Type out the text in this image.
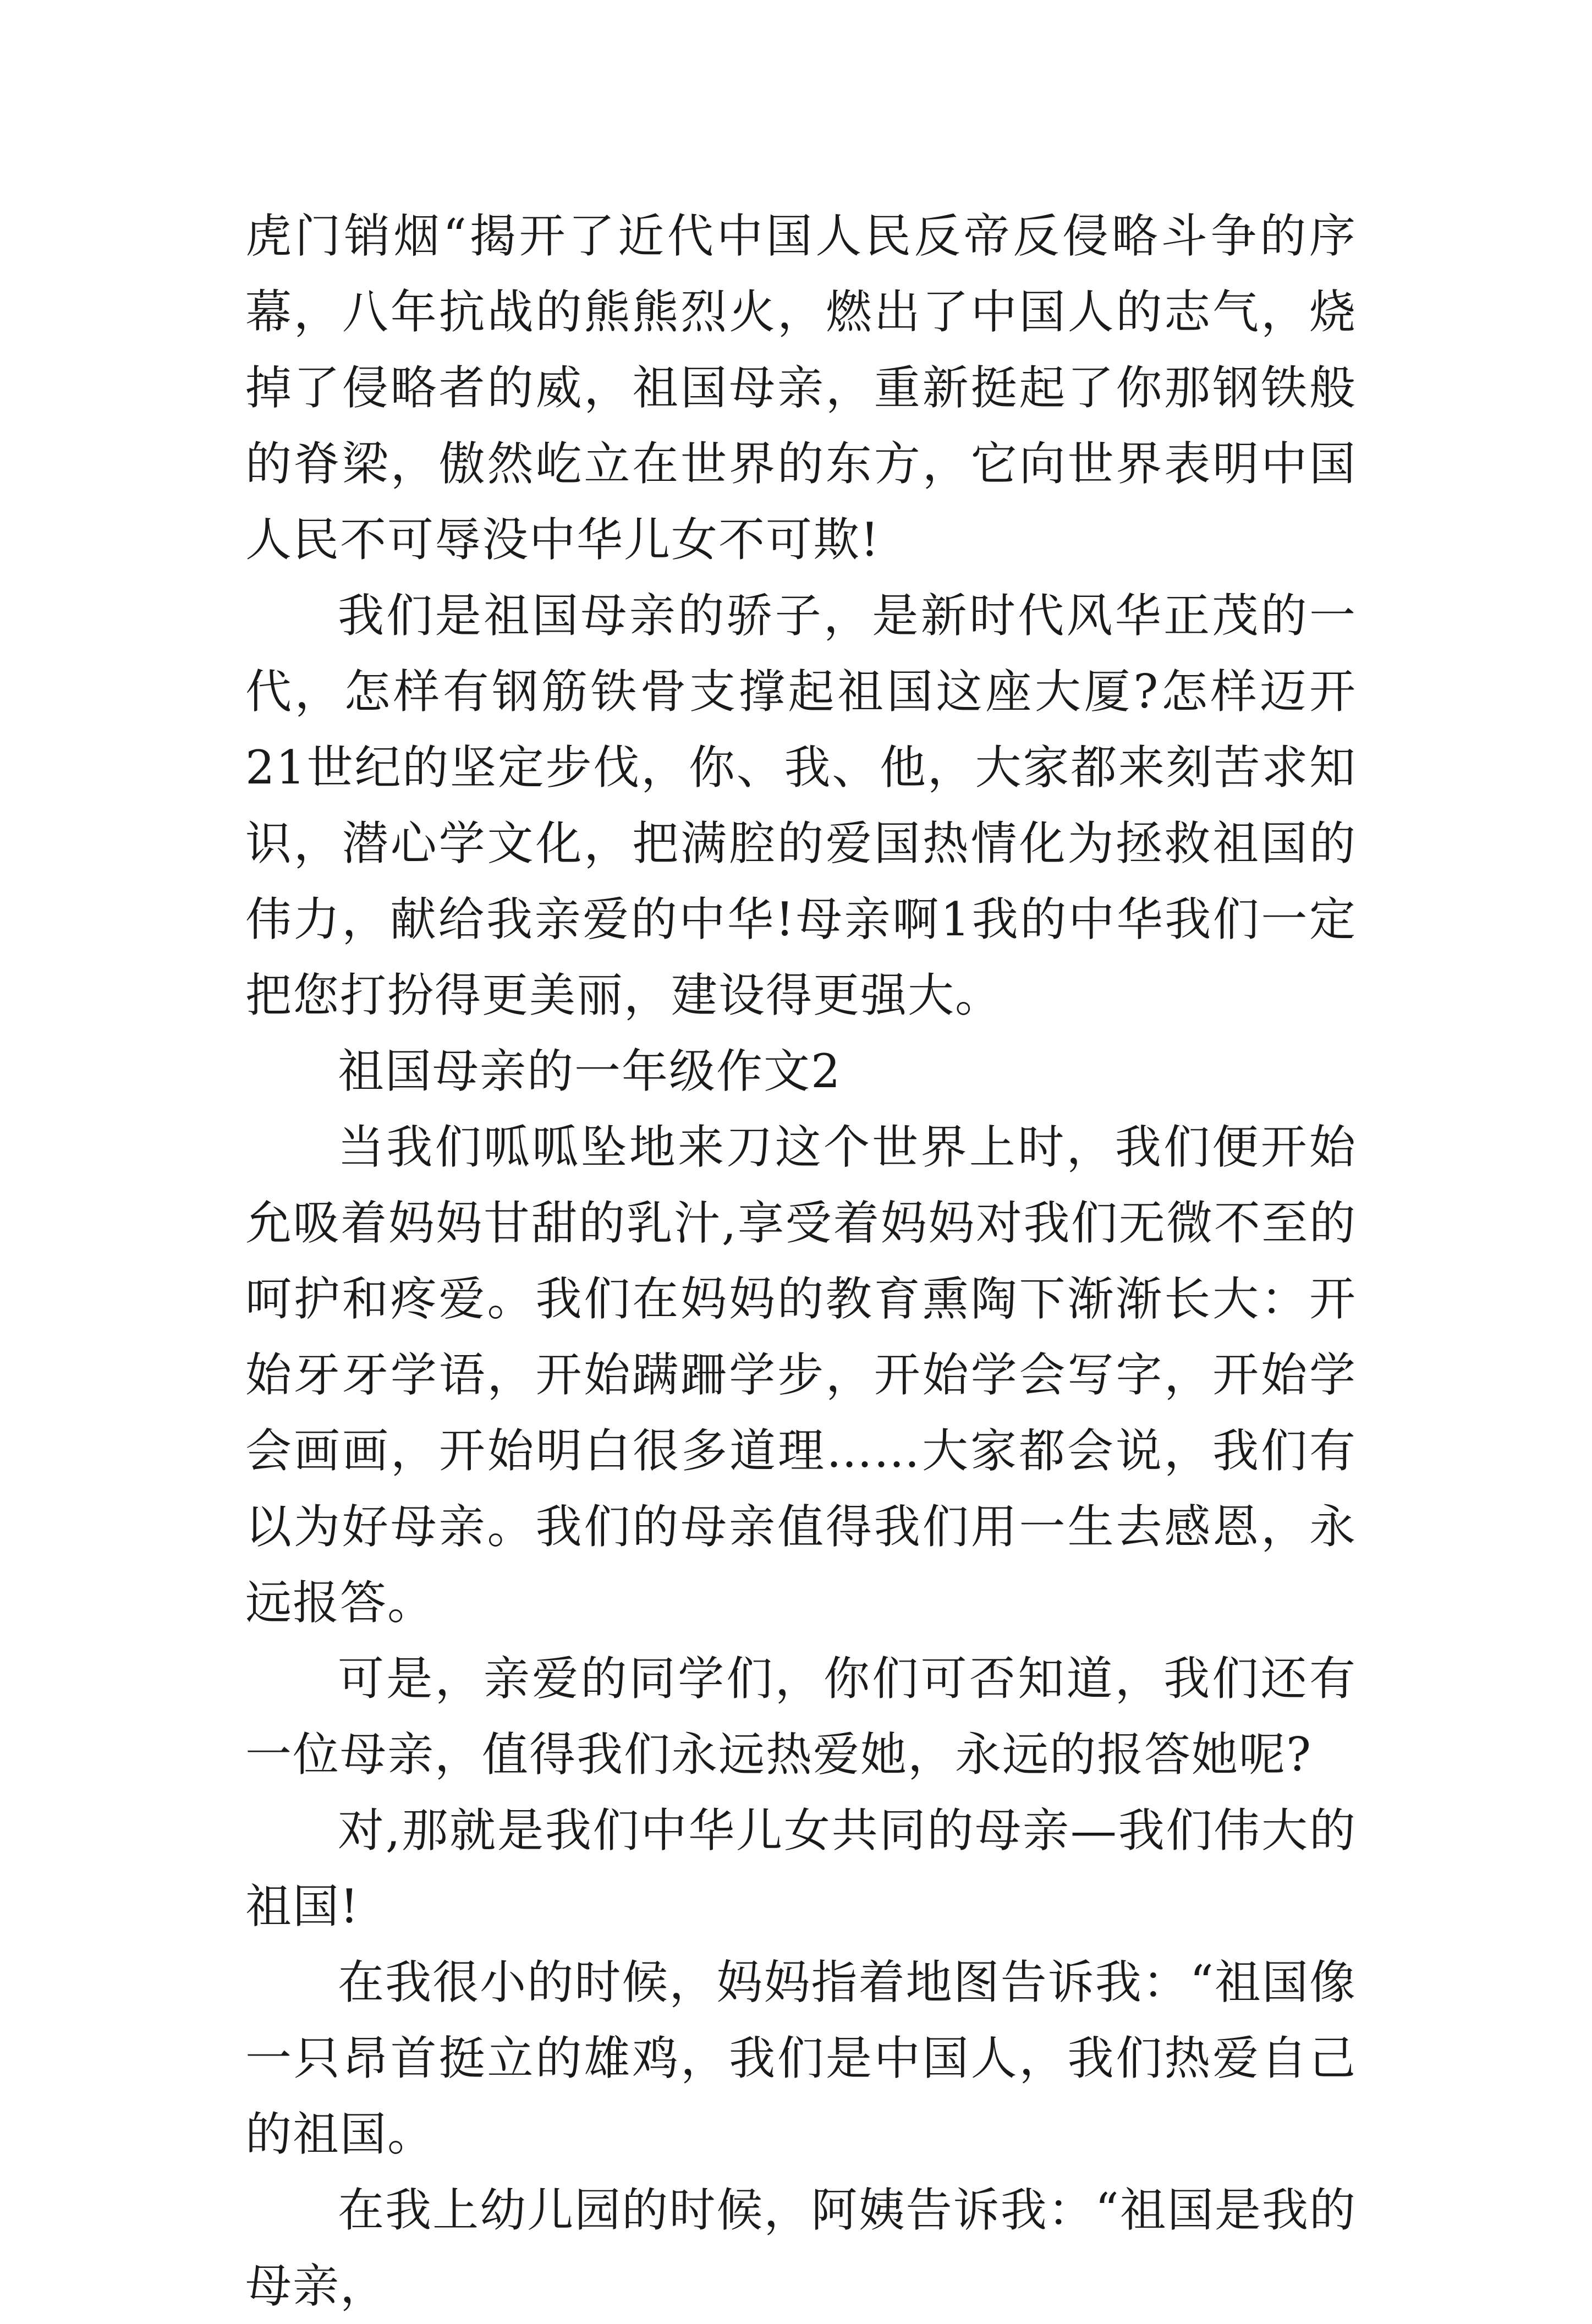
虎门销烟“揭开了近代中国人民反帝反侵略斗争的序幕，八年抗战的熊熊烈火，燃出了中国人的志气，烧掉了侵略者的威，祖国母亲，重新挺起了你那钢铁般的脊梁，傲然屹立在世界的东方，它向世界表明中国人民不可辱没中华儿女不可欺!

我们是祖国母亲的骄子，是新时代风华正茂的一代，怎样有钢筋铁骨支撑起祖国这座大厦?怎样迈开21世纪的坚定步伐，你、我、他，大家都来刻苦求知识，潜心学文化，把满腔的爱国热情化为拯救祖国的伟力，献给我亲爱的中华!母亲啊1我的中华我们一定把您打扮得更美丽，建设得更强大。

祖国母亲的一年级作文2

当我们呱呱坠地来刀这个世界上时，我们便开始允吸着妈妈甘甜的乳汁,享受着妈妈对我们无微不至的呵护和疼爱。我们在妈妈的教育熏陶下渐渐长大：开始牙牙学语，开始蹒跚学步，开始学会写字，开始学会画画，开始明白很多道理……大家都会说，我们有以为好母亲。我们的母亲值得我们用一生去感恩，永远报答。

可是，亲爱的同学们，你们可否知道，我们还有一位母亲，值得我们永远热爱她，永远的报答她呢?

对,那就是我们中华儿女共同的母亲—我们伟大的祖国!

在我很小的时候，妈妈指着地图告诉我：“祖国像一只昂首挺立的雄鸡，我们是中国人，我们热爱自己的祖国。

在我上幼儿园的时候，阿姨告诉我：“祖国是我的母亲，
